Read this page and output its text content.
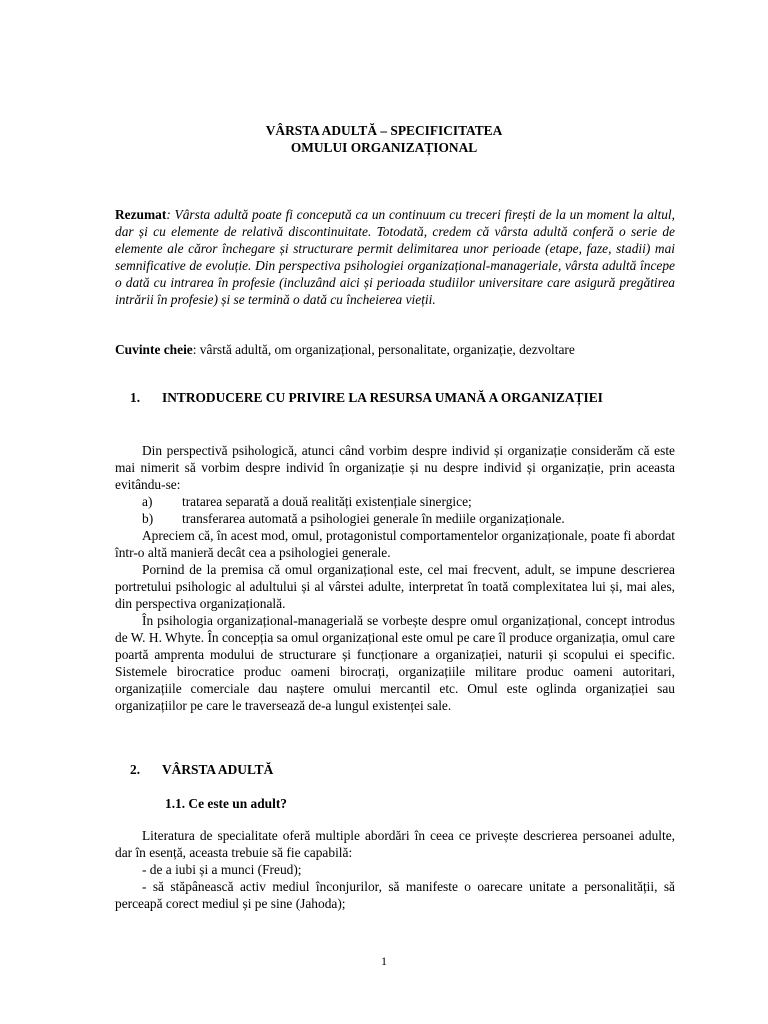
VÂRSTA ADULTĂ – SPECIFICITATEA
OMULUI ORGANIZAȚIONAL

Rezumat: Vârsta adultă poate fi concepută ca un continuum cu treceri firești de la un moment la altul, dar și cu elemente de relativă discontinuitate. Totodată, credem că vârsta adultă conferă o serie de elemente ale căror închegare și structurare permit delimitarea unor perioade (etape, faze, stadii) mai semnificative de evoluție. Din perspectiva psihologiei organizațional-manageriale, vârsta adultă începe o dată cu intrarea în profesie (incluzând aici și perioada studiilor universitare care asigură pregătirea intrării în profesie) și se termină o dată cu încheierea vieții.

Cuvinte cheie: vârstă adultă, om organizațional, personalitate, organizație, dezvoltare

1. INTRODUCERE CU PRIVIRE LA RESURSA UMANĂ A ORGANIZAȚIEI

Din perspectivă psihologică, atunci când vorbim despre individ și organizație considerăm că este mai nimerit să vorbim despre individ în organizație și nu despre individ și organizație, prin aceasta evitându-se:

a) tratarea separată a două realități existențiale sinergice;
b) transferarea automată a psihologiei generale în mediile organizaționale.

Apreciem că, în acest mod, omul, protagonistul comportamentelor organizaționale, poate fi abordat într-o altă manieră decât cea a psihologiei generale.

Pornind de la premisa că omul organizațional este, cel mai frecvent, adult, se impune descrierea portretului psihologic al adultului și al vârstei adulte, interpretat în toată complexitatea lui și, mai ales, din perspectiva organizațională.

În psihologia organizațional-managerială se vorbește despre omul organizațional, concept introdus de W. H. Whyte. În concepția sa omul organizațional este omul pe care îl produce organizația, omul care poartă amprenta modului de structurare și funcționare a organizației, naturii și scopului ei specific. Sistemele birocratice produc oameni birocrați, organizațiile militare produc oameni autoritari, organizațiile comerciale dau naștere omului mercantil etc. Omul este oglinda organizației sau organizațiilor pe care le traversează de-a lungul existenței sale.

2. VÂRSTA ADULTĂ
1.1. Ce este un adult?

Literatura de specialitate oferă multiple abordări în ceea ce privește descrierea persoanei adulte, dar în esență, aceasta trebuie să fie capabilă:

- de a iubi și a munci (Freud);

- să stăpânească activ mediul înconjurilor, să manifeste o oarecare unitate a personalității, să perceapă corect mediul și pe sine (Jahoda);

1
